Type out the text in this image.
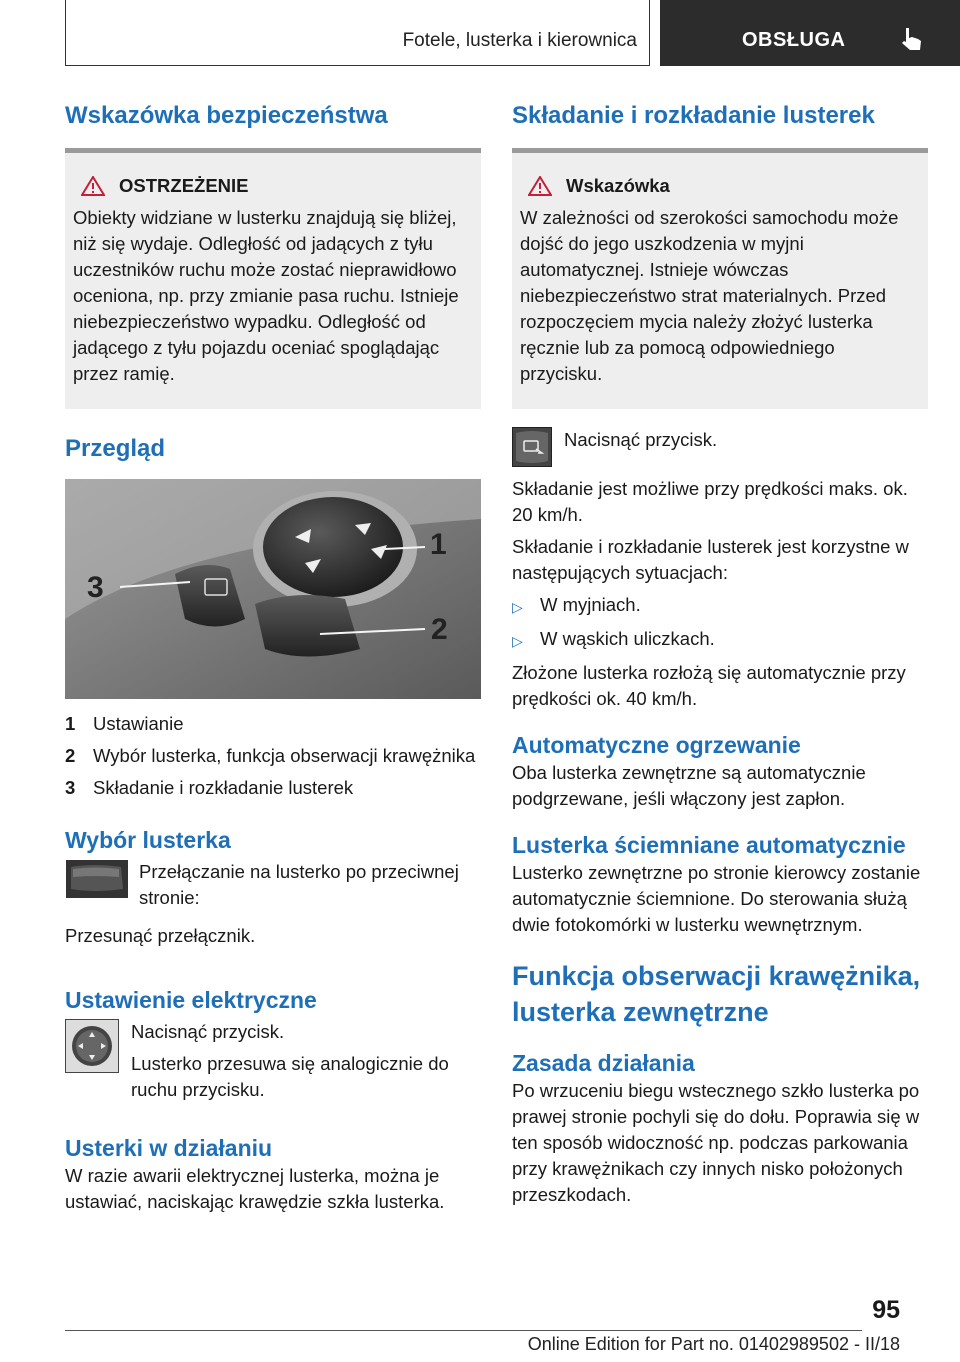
Fotele, lusterka i kierownica	OBSŁUGA
Wskazówka bezpieczeństwa
OSTRZEŻENIE

Obiekty widziane w lusterku znajdują się bliżej, niż się wydaje. Odległość od jadących z tyłu uczestników ruchu może zostać nieprawidłowo oceniona, np. przy zmianie pasa ruchu. Istnieje niebezpieczeństwo wypadku. Odległość od jadącego z tyłu pojazdu oceniać spoglądając przez ramię.

Przegląd
1
2
3
1 Ustawianie
2 Wybór lusterka, funkcja obserwacji krawężnika
3 Składanie i rozkładanie lusterek
Wybór lusterka

Przełączanie na lusterko po przeciwnej stronie:

Przesunąć przełącznik.

Ustawienie elektryczne

Nacisnąć przycisk.

Lusterko przesuwa się analogicznie do ruchu przycisku.

Usterki w działaniu

W razie awarii elektrycznej lusterka, można je ustawiać, naciskając krawędzie szkła lusterka.

Składanie i rozkładanie lusterek
Wskazówka

W zależności od szerokości samochodu może dojść do jego uszkodzenia w myjni automatycznej. Istnieje wówczas niebezpieczeństwo strat materialnych. Przed rozpoczęciem mycia należy złożyć lusterka ręcznie lub za pomocą odpowiedniego przycisku.

Nacisnąć przycisk.

Składanie jest możliwe przy prędkości maks. ok. 20 km/h.

Składanie i rozkładanie lusterek jest korzystne w następujących sytuacjach:

▷ W myjniach.
▷ W wąskich uliczkach.

Złożone lusterka rozłożą się automatycznie przy prędkości ok. 40 km/h.

Automatyczne ogrzewanie

Oba lusterka zewnętrzne są automatycznie podgrzewane, jeśli włączony jest zapłon.

Lusterka ściemniane automatycznie

Lusterko zewnętrzne po stronie kierowcy zostanie automatycznie ściemnione. Do sterowania służą dwie fotokomórki w lusterku wewnętrznym.

Funkcja obserwacji krawężnika, lusterka zewnętrzne
Zasada działania

Po wrzuceniu biegu wstecznego szkło lusterka po prawej stronie pochyli się do dołu. Poprawia się w ten sposób widoczność np. podczas parkowania przy krawężnikach czy innych nisko położonych przeszkodach.

95
Online Edition for Part no. 01402989502 - II/18
